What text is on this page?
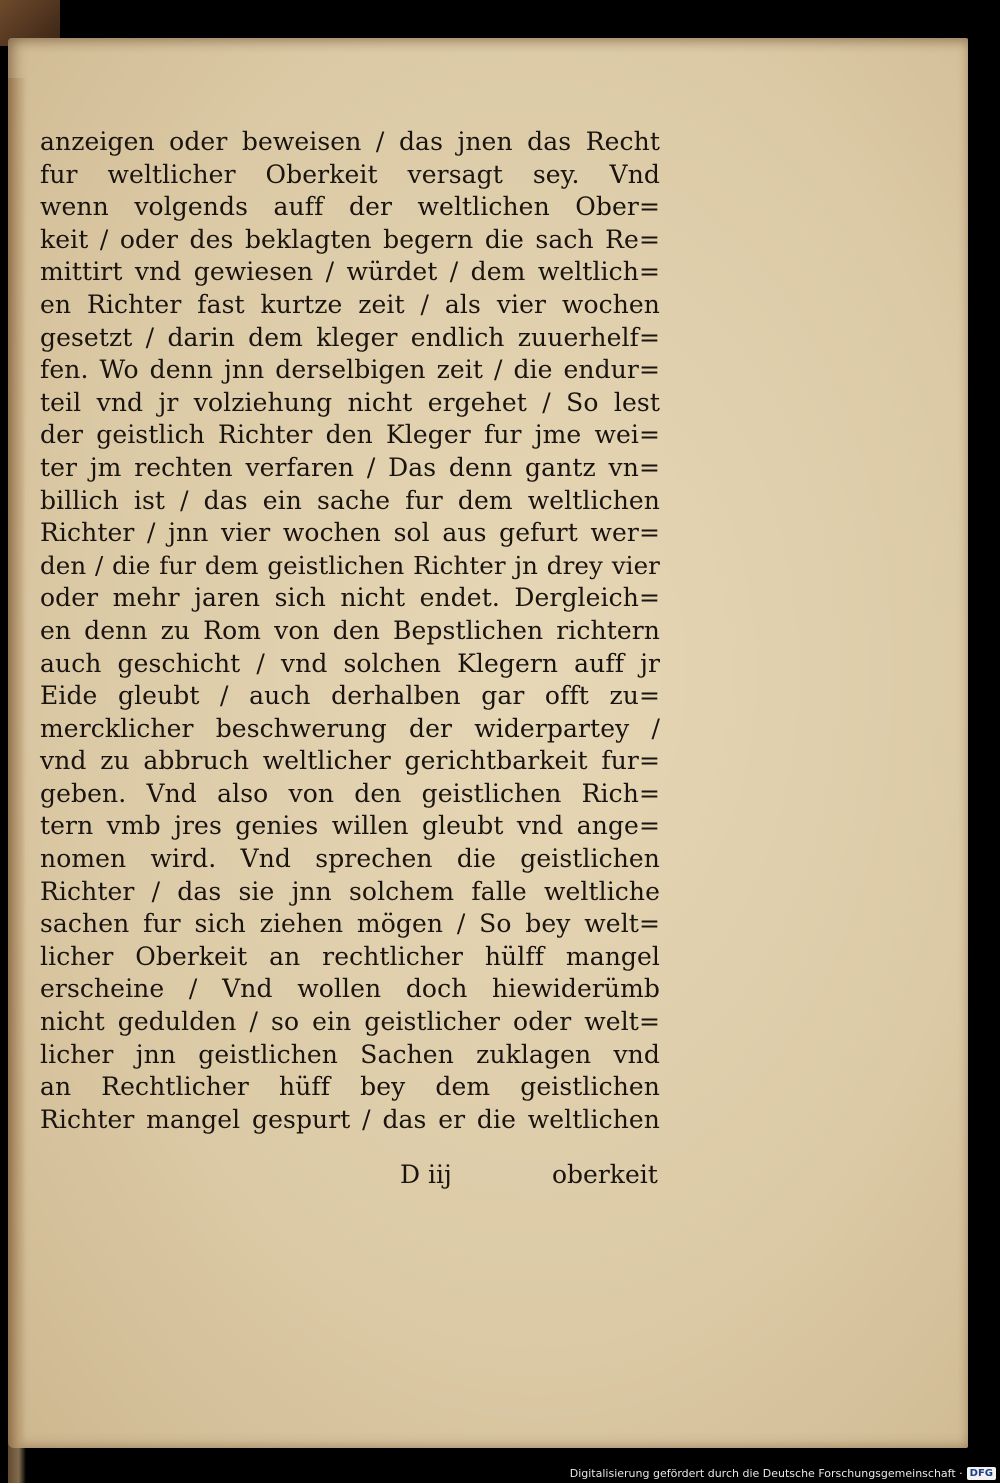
anzeigen oder beweisen / das jnen das Recht
fur weltlicher Oberkeit versagt sey. Vnd
wenn volgends auff der weltlichen Ober=
keit / oder des beklagten begern die sach Re=
mittirt vnd gewiesen / würdet / dem weltlich=
en Richter fast kurtze zeit / als vier wochen
gesetzt / darin dem kleger endlich zuuerhelf=
fen. Wo denn jnn derselbigen zeit / die endur=
teil vnd jr volziehung nicht ergehet / So lest
der geistlich Richter den Kleger fur jme wei=
ter jm rechten verfaren / Das denn gantz vn=
billich ist / das ein sache fur dem weltlichen
Richter / jnn vier wochen sol aus gefurt wer=
den / die fur dem geistlichen Richter jn drey vier
oder mehr jaren sich nicht endet. Dergleich=
en denn zu Rom von den Bepstlichen richtern
auch geschicht / vnd solchen Klegern auff jr
Eide gleubt / auch derhalben gar offt zu=
mercklicher beschwerung der widerpartey /
vnd zu abbruch weltlicher gerichtbarkeit fur=
geben. Vnd also von den geistlichen Rich=
tern vmb jres genies willen gleubt vnd ange=
nomen wird. Vnd sprechen die geistlichen
Richter / das sie jnn solchem falle weltliche
sachen fur sich ziehen mögen / So bey welt=
licher Oberkeit an rechtlicher hülff mangel
erscheine / Vnd wollen doch hiewiderümb
nicht gedulden / so ein geistlicher oder welt=
licher jnn geistlichen Sachen zuklagen vnd
an Rechtlicher hüff bey dem geistlichen
Richter mangel gespurt / das er die weltlichen
D iij	oberkeit
Digitalisierung gefördert durch die Deutsche Forschungsgemeinschaft · DFG
